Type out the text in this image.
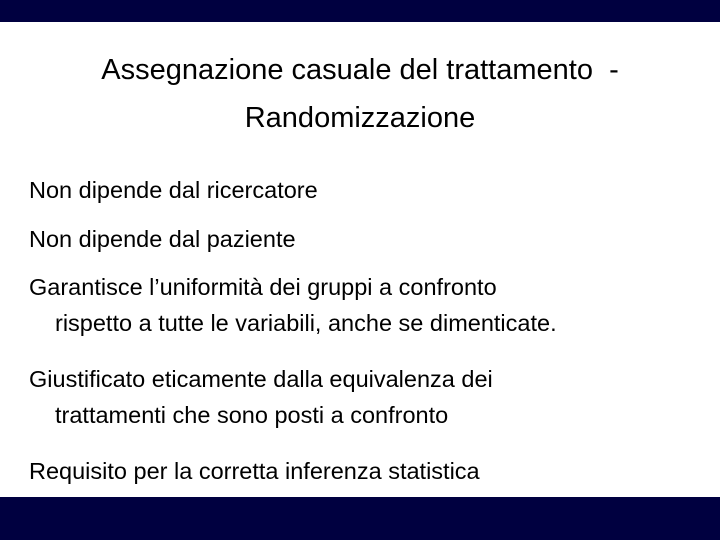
Assegnazione casuale del trattamento  -
Randomizzazione
Non dipende dal ricercatore
Non dipende dal paziente
Garantisce l’uniformità dei gruppi a confronto
rispetto a tutte le variabili, anche se dimenticate.
Giustificato eticamente dalla equivalenza dei
trattamenti che sono posti a confronto
Requisito per la corretta inferenza statistica
